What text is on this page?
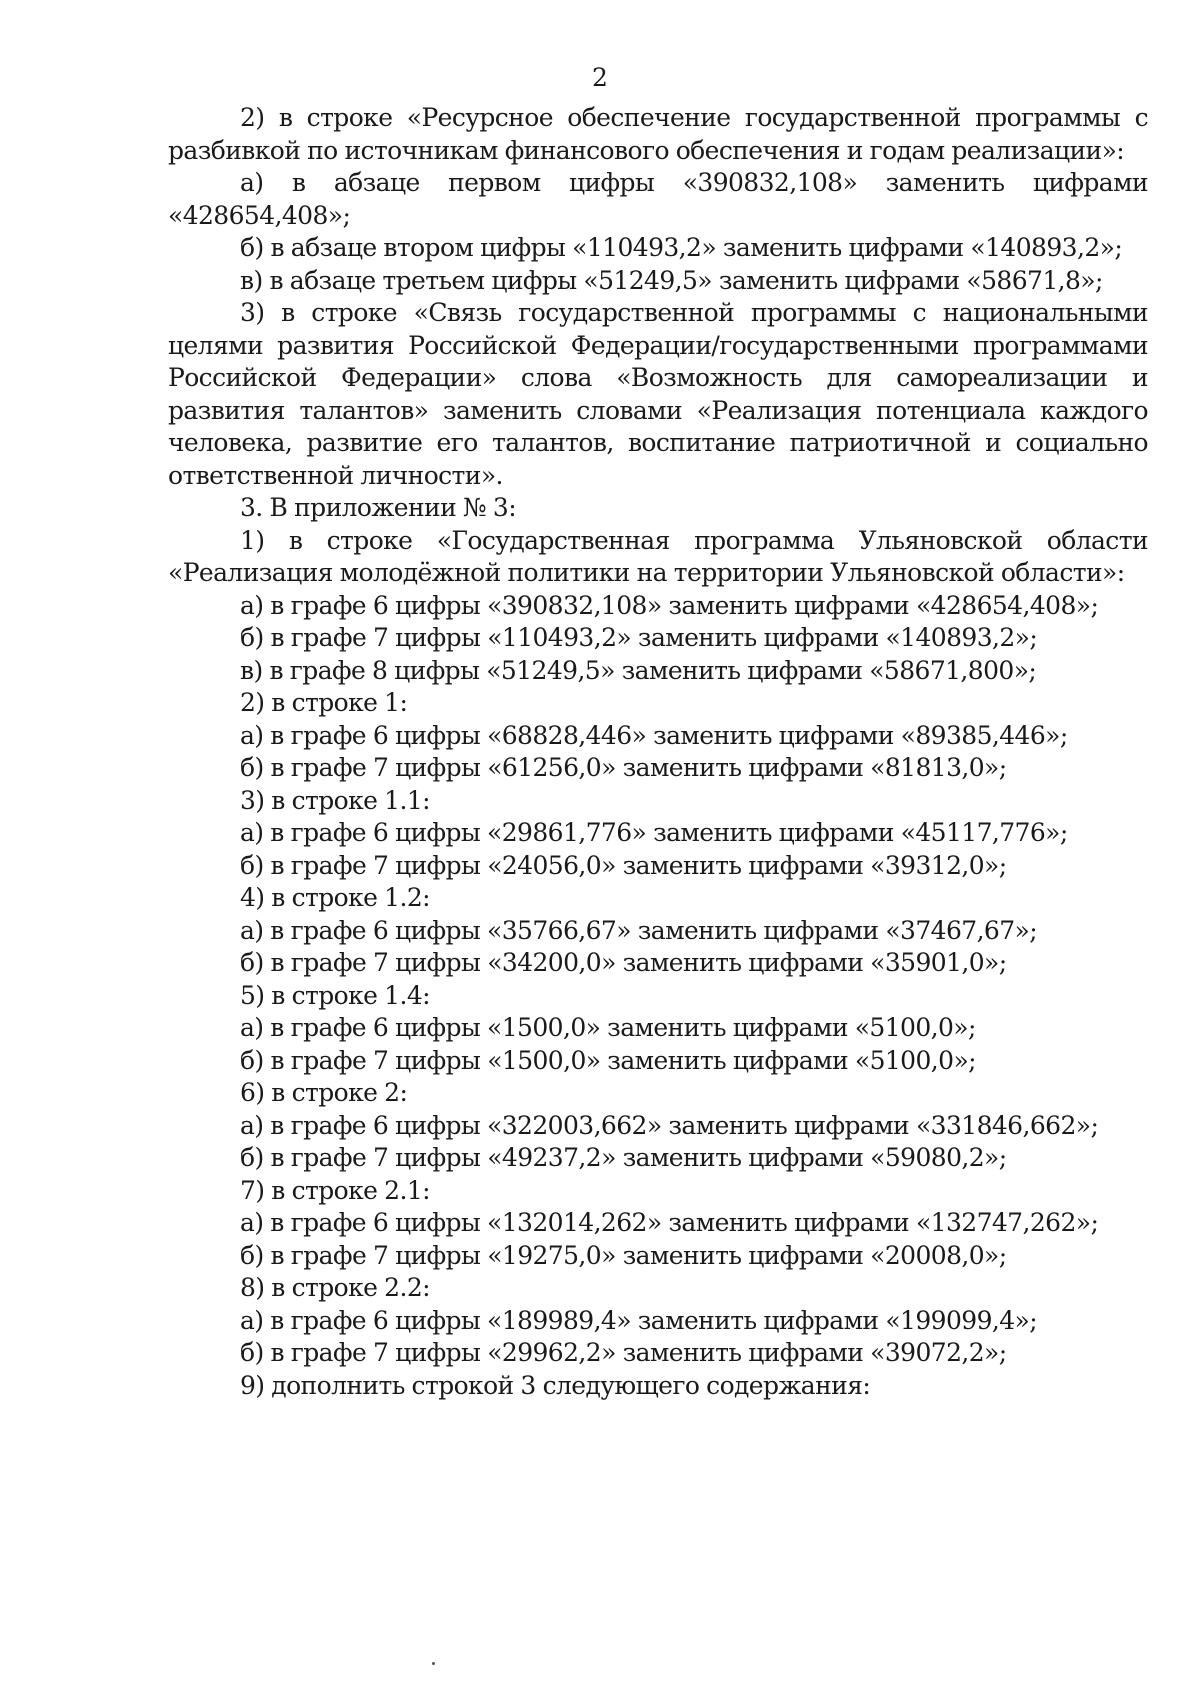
2

2) в строке «Ресурсное обеспечение государственной программы с разбивкой по источникам финансового обеспечения и годам реализации»:

а) в абзаце первом цифры «390832,108» заменить цифрами «428654,408»;

б) в абзаце втором цифры «110493,2» заменить цифрами «140893,2»;

в) в абзаце третьем цифры «51249,5» заменить цифрами «58671,8»;

3) в строке «Связь государственной программы с национальными целями развития Российской Федерации/государственными программами Российской Федерации» слова «Возможность для самореализации и развития талантов» заменить словами «Реализация потенциала каждого человека, развитие его талантов, воспитание патриотичной и социально ответственной личности».

3. В приложении № 3:

1) в строке «Государственная программа Ульяновской области «Реализация молодёжной политики на территории Ульяновской области»:

а) в графе 6 цифры «390832,108» заменить цифрами «428654,408»;

б) в графе 7 цифры «110493,2» заменить цифрами «140893,2»;

в) в графе 8 цифры «51249,5» заменить цифрами «58671,800»;

2) в строке 1:

а) в графе 6 цифры «68828,446» заменить цифрами «89385,446»;

б) в графе 7 цифры «61256,0» заменить цифрами «81813,0»;

3) в строке 1.1:

а) в графе 6 цифры «29861,776» заменить цифрами «45117,776»;

б) в графе 7 цифры «24056,0» заменить цифрами «39312,0»;

4) в строке 1.2:

а) в графе 6 цифры «35766,67» заменить цифрами «37467,67»;

б) в графе 7 цифры «34200,0» заменить цифрами «35901,0»;

5) в строке 1.4:

а) в графе 6 цифры «1500,0» заменить цифрами «5100,0»;

б) в графе 7 цифры «1500,0» заменить цифрами «5100,0»;

6) в строке 2:

а) в графе 6 цифры «322003,662» заменить цифрами «331846,662»;

б) в графе 7 цифры «49237,2» заменить цифрами «59080,2»;

7) в строке 2.1:

а) в графе 6 цифры «132014,262» заменить цифрами «132747,262»;

б) в графе 7 цифры «19275,0» заменить цифрами «20008,0»;

8) в строке 2.2:

а) в графе 6 цифры «189989,4» заменить цифрами «199099,4»;

б) в графе 7 цифры «29962,2» заменить цифрами «39072,2»;

9) дополнить строкой 3 следующего содержания:
